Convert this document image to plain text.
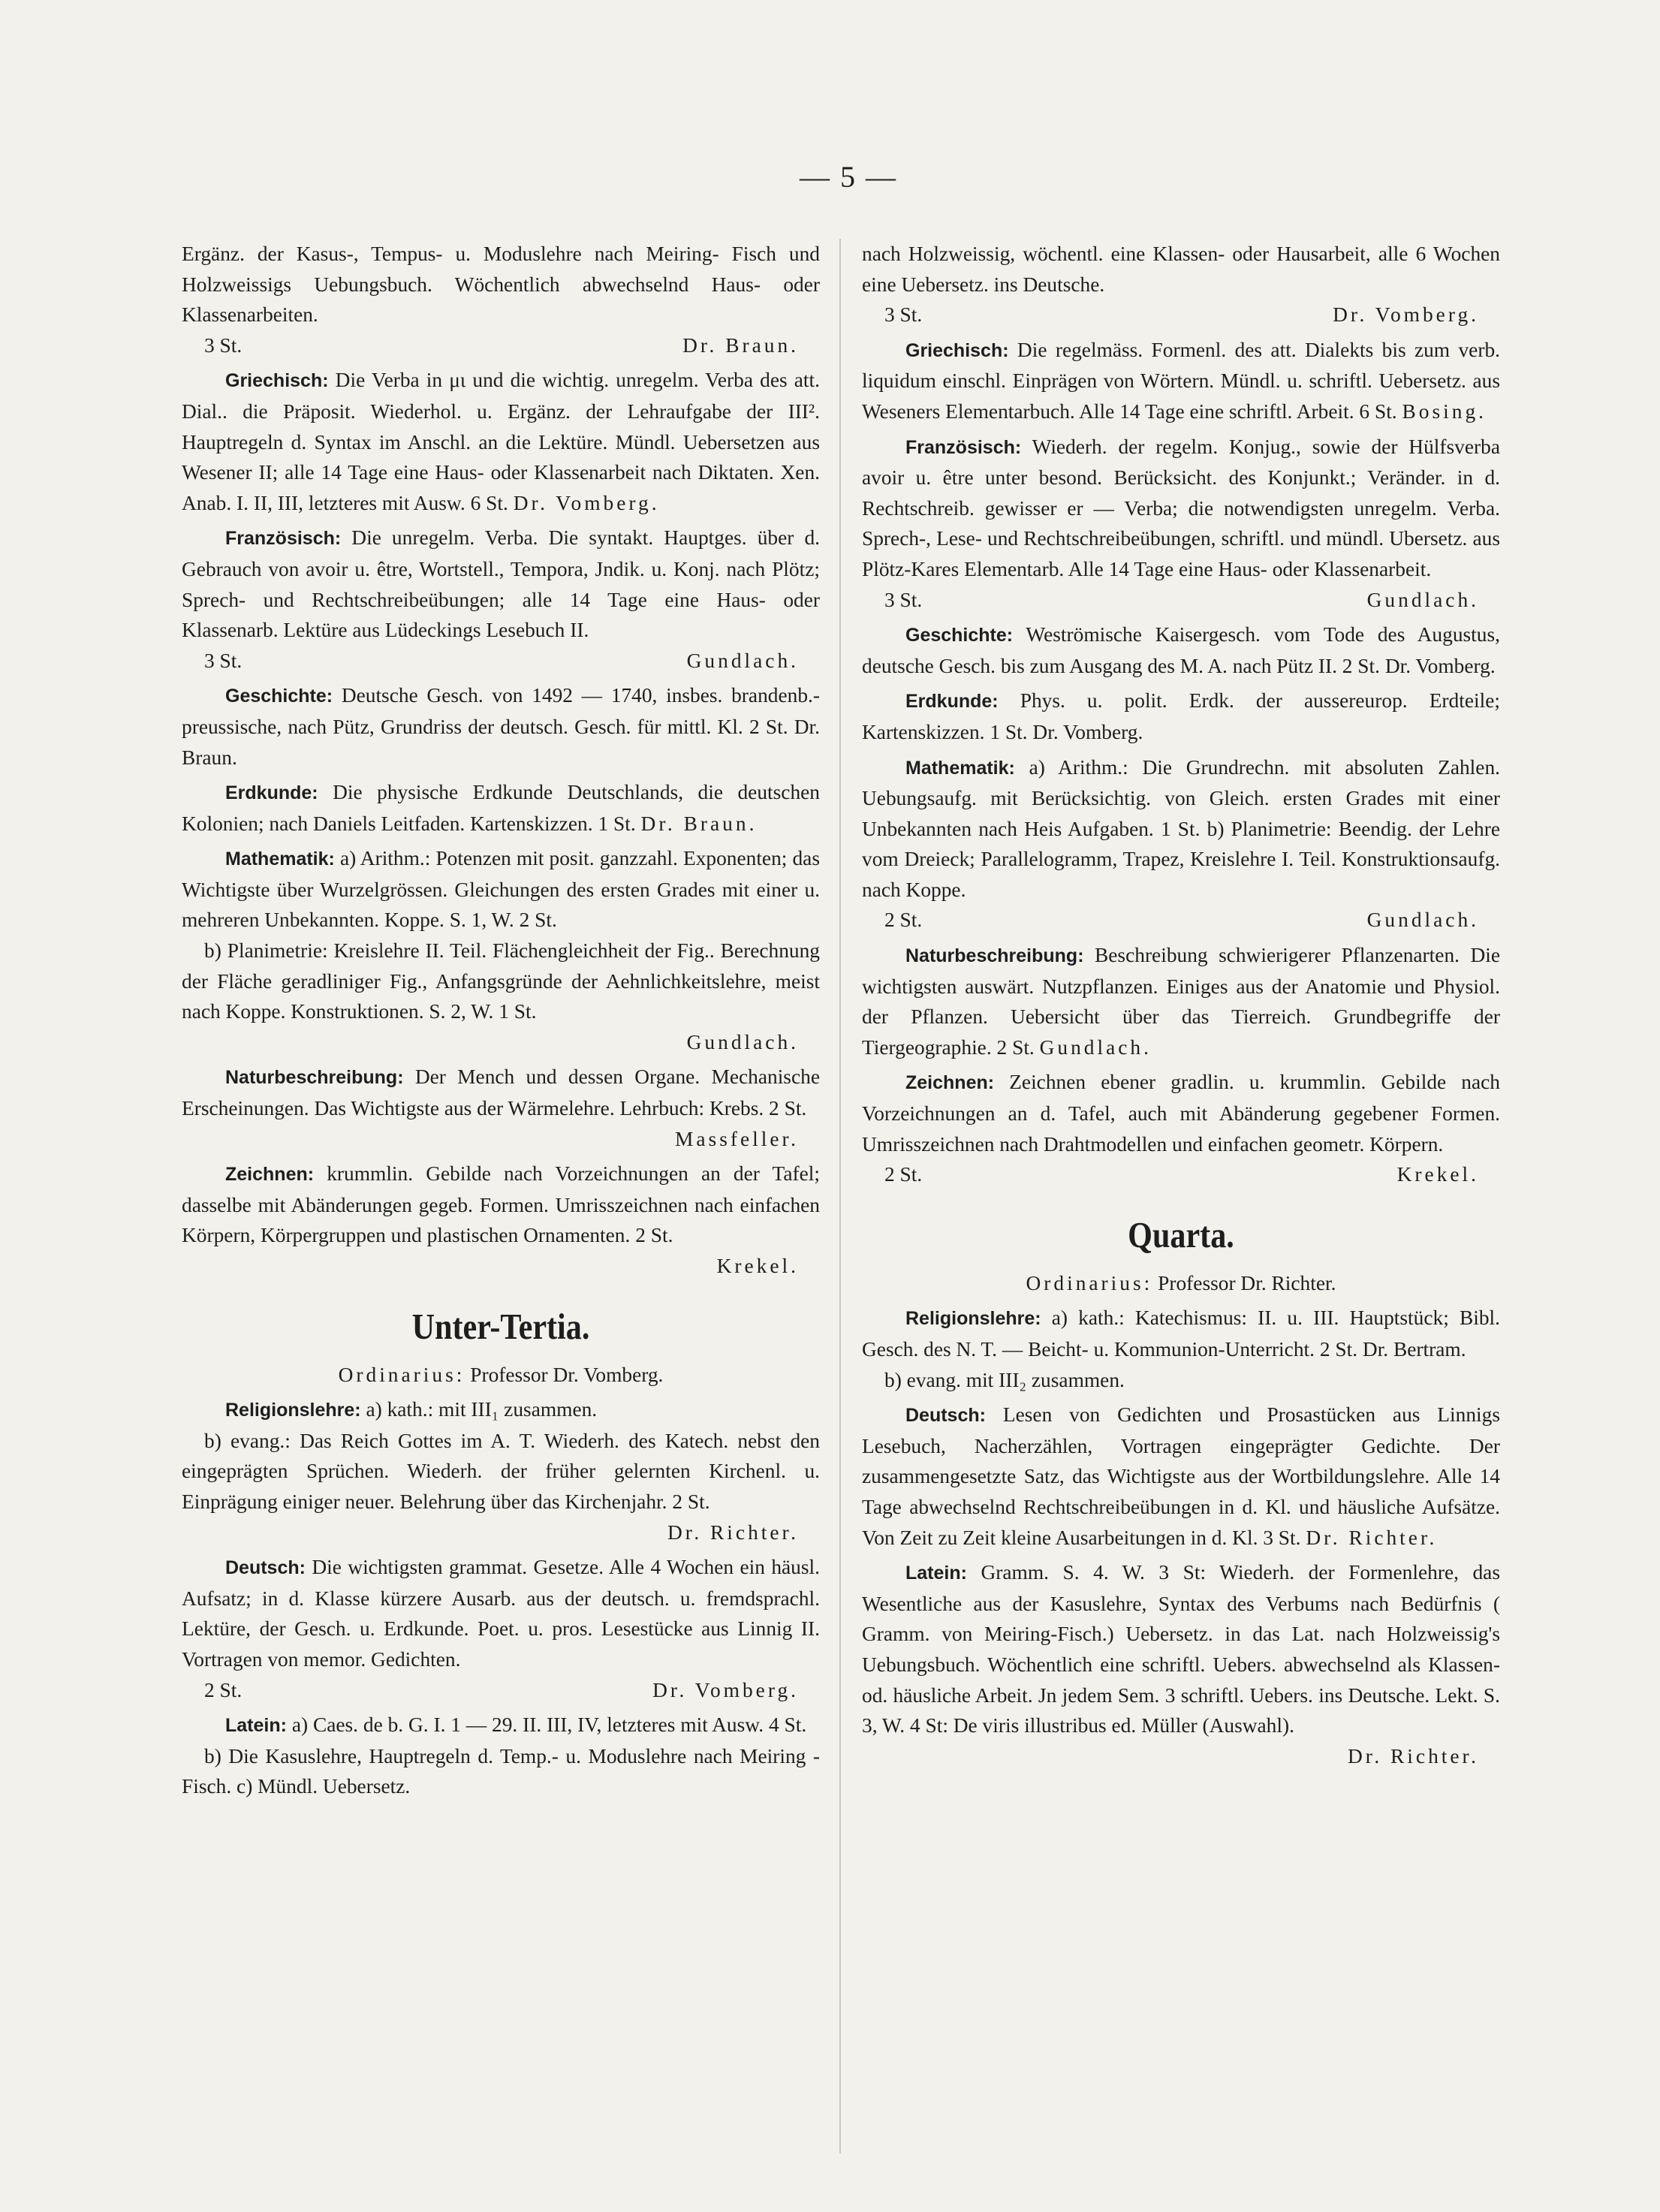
— 5 —

Ergänz. der Kasus-, Tempus- u. Moduslehre nach Meiring- Fisch und Holzweissigs Uebungsbuch. Wöchentlich abwechselnd Haus- oder Klassenarbeiten.

3 St.	Dr. Braun.

Griechisch: Die Verba in μι und die wichtig. unregelm. Verba des att. Dial.. die Präposit. Wiederhol. u. Ergänz. der Lehraufgabe der III². Hauptregeln d. Syntax im Anschl. an die Lektüre. Mündl. Uebersetzen aus Wesener II; alle 14 Tage eine Haus- oder Klassenarbeit nach Diktaten. Xen. Anab. I. II, III, letzteres mit Ausw. 6 St. Dr. Vomberg.

Französisch: Die unregelm. Verba. Die syntakt. Hauptges. über d. Gebrauch von avoir u. être, Wortstell., Tempora, Jndik. u. Konj. nach Plötz; Sprech- und Rechtschreibeübungen; alle 14 Tage eine Haus- oder Klassenarb. Lektüre aus Lüdeckings Lesebuch II.

3 St.	Gundlach.

Geschichte: Deutsche Gesch. von 1492 — 1740, insbes. brandenb.- preussische, nach Pütz, Grundriss der deutsch. Gesch. für mittl. Kl. 2 St. Dr. Braun.

Erdkunde: Die physische Erdkunde Deutschlands, die deutschen Kolonien; nach Daniels Leitfaden. Kartenskizzen. 1 St. Dr. Braun.

Mathematik: a) Arithm.: Potenzen mit posit. ganzzahl. Exponenten; das Wichtigste über Wurzelgrössen. Gleichungen des ersten Grades mit einer u. mehreren Unbekannten. Koppe. S. 1, W. 2 St.

b) Planimetrie: Kreislehre II. Teil. Flächengleichheit der Fig.. Berechnung der Fläche geradliniger Fig., Anfangsgründe der Aehnlichkeitslehre, meist nach Koppe. Konstruktionen. S. 2, W. 1 St.

Gundlach.

Naturbeschreibung: Der Mench und dessen Organe. Mechanische Erscheinungen. Das Wichtigste aus der Wärmelehre. Lehrbuch: Krebs. 2 St.

Massfeller.

Zeichnen: krummlin. Gebilde nach Vorzeichnungen an der Tafel; dasselbe mit Abänderungen gegeb. Formen. Umrisszeichnen nach einfachen Körpern, Körpergruppen und plastischen Ornamenten. 2 St.

Krekel.
Unter-Tertia.
Ordinarius: Professor Dr. Vomberg.

Religionslehre: a) kath.: mit III₁ zusammen.

b) evang.: Das Reich Gottes im A. T. Wiederh. des Katech. nebst den eingeprägten Sprüchen. Wiederh. der früher gelernten Kirchenl. u. Einprägung einiger neuer. Belehrung über das Kirchenjahr. 2 St.

Dr. Richter.

Deutsch: Die wichtigsten grammat. Gesetze. Alle 4 Wochen ein häusl. Aufsatz; in d. Klasse kürzere Ausarb. aus der deutsch. u. fremdsprachl. Lektüre, der Gesch. u. Erdkunde. Poet. u. pros. Lesestücke aus Linnig II. Vortragen von memor. Gedichten.

2 St.	Dr. Vomberg.

Latein: a) Caes. de b. G. I. 1 — 29. II. III, IV, letzteres mit Ausw. 4 St.

b) Die Kasuslehre, Hauptregeln d. Temp.- u. Moduslehre nach Meiring - Fisch. c) Mündl. Uebersetz.

nach Holzweissig, wöchentl. eine Klassen- oder Hausarbeit, alle 6 Wochen eine Uebersetz. ins Deutsche.

3 St.	Dr. Vomberg.

Griechisch: Die regelmäss. Formenl. des att. Dialekts bis zum verb. liquidum einschl. Einprägen von Wörtern. Mündl. u. schriftl. Uebersetz. aus Weseners Elementarbuch. Alle 14 Tage eine schriftl. Arbeit. 6 St. Bosing.

Französisch: Wiederh. der regelm. Konjug., sowie der Hülfsverba avoir u. être unter besond. Berücksicht. des Konjunkt.; Veränder. in d. Rechtschreib. gewisser er — Verba; die notwendigsten unregelm. Verba. Sprech-, Lese- und Rechtschreibeübungen, schriftl. und mündl. Ubersetz. aus Plötz-Kares Elementarb. Alle 14 Tage eine Haus- oder Klassenarbeit.

3 St.	Gundlach.

Geschichte: Weströmische Kaisergesch. vom Tode des Augustus, deutsche Gesch. bis zum Ausgang des M. A. nach Pütz II. 2 St. Dr. Vomberg.

Erdkunde: Phys. u. polit. Erdk. der aussereurop. Erdteile; Kartenskizzen. 1 St. Dr. Vomberg.

Mathematik: a) Arithm.: Die Grundrechn. mit absoluten Zahlen. Uebungsaufg. mit Berücksichtig. von Gleich. ersten Grades mit einer Unbekannten nach Heis Aufgaben. 1 St. b) Planimetrie: Beendig. der Lehre vom Dreieck; Parallelogramm, Trapez, Kreislehre I. Teil. Konstruktionsaufg. nach Koppe.

2 St.	Gundlach.

Naturbeschreibung: Beschreibung schwierigerer Pflanzenarten. Die wichtigsten auswärt. Nutzpflanzen. Einiges aus der Anatomie und Physiol. der Pflanzen. Uebersicht über das Tierreich. Grundbegriffe der Tiergeographie. 2 St. Gundlach.

Zeichnen: Zeichnen ebener gradlin. u. krummlin. Gebilde nach Vorzeichnungen an d. Tafel, auch mit Abänderung gegebener Formen. Umrisszeichnen nach Drahtmodellen und einfachen geometr. Körpern.

2 St.	Krekel.
Quarta.
Ordinarius: Professor Dr. Richter.

Religionslehre: a) kath.: Katechismus: II. u. III. Hauptstück; Bibl. Gesch. des N. T. — Beicht- u. Kommunion-Unterricht. 2 St. Dr. Bertram.

b) evang. mit III₂ zusammen.

Deutsch: Lesen von Gedichten und Prosastücken aus Linnigs Lesebuch, Nacherzählen, Vortragen eingeprägter Gedichte. Der zusammengesetzte Satz, das Wichtigste aus der Wortbildungslehre. Alle 14 Tage abwechselnd Rechtschreibeübungen in d. Kl. und häusliche Aufsätze. Von Zeit zu Zeit kleine Ausarbeitungen in d. Kl. 3 St. Dr. Richter.

Latein: Gramm. S. 4. W. 3 St: Wiederh. der Formenlehre, das Wesentliche aus der Kasuslehre, Syntax des Verbums nach Bedürfnis ( Gramm. von Meiring-Fisch.) Uebersetz. in das Lat. nach Holzweissig's Uebungsbuch. Wöchentlich eine schriftl. Uebers. abwechselnd als Klassen- od. häusliche Arbeit. Jn jedem Sem. 3 schriftl. Uebers. ins Deutsche. Lekt. S. 3, W. 4 St: De viris illustribus ed. Müller (Auswahl).

Dr. Richter.
